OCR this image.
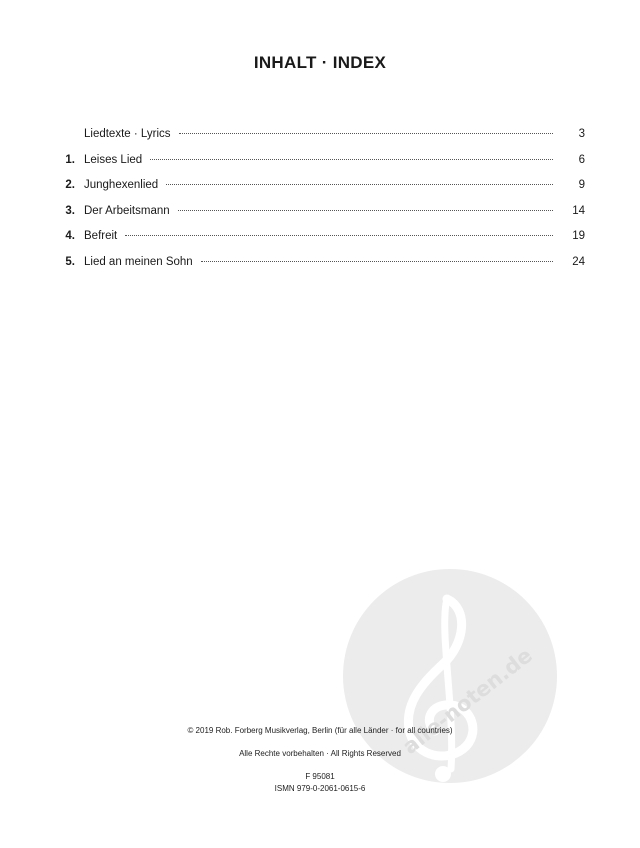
INHALT · INDEX
Liedtexte · Lyrics	3
1. Leises Lied	6
2. Junghexenlied	9
3. Der Arbeitsmann	14
4. Befreit	19
5. Lied an meinen Sohn	24
alle-noten.de
© 2019 Rob. Forberg Musikverlag, Berlin (für alle Länder · for all countries)
Alle Rechte vorbehalten · All Rights Reserved
F 95081
ISMN 979-0-2061-0615-6
